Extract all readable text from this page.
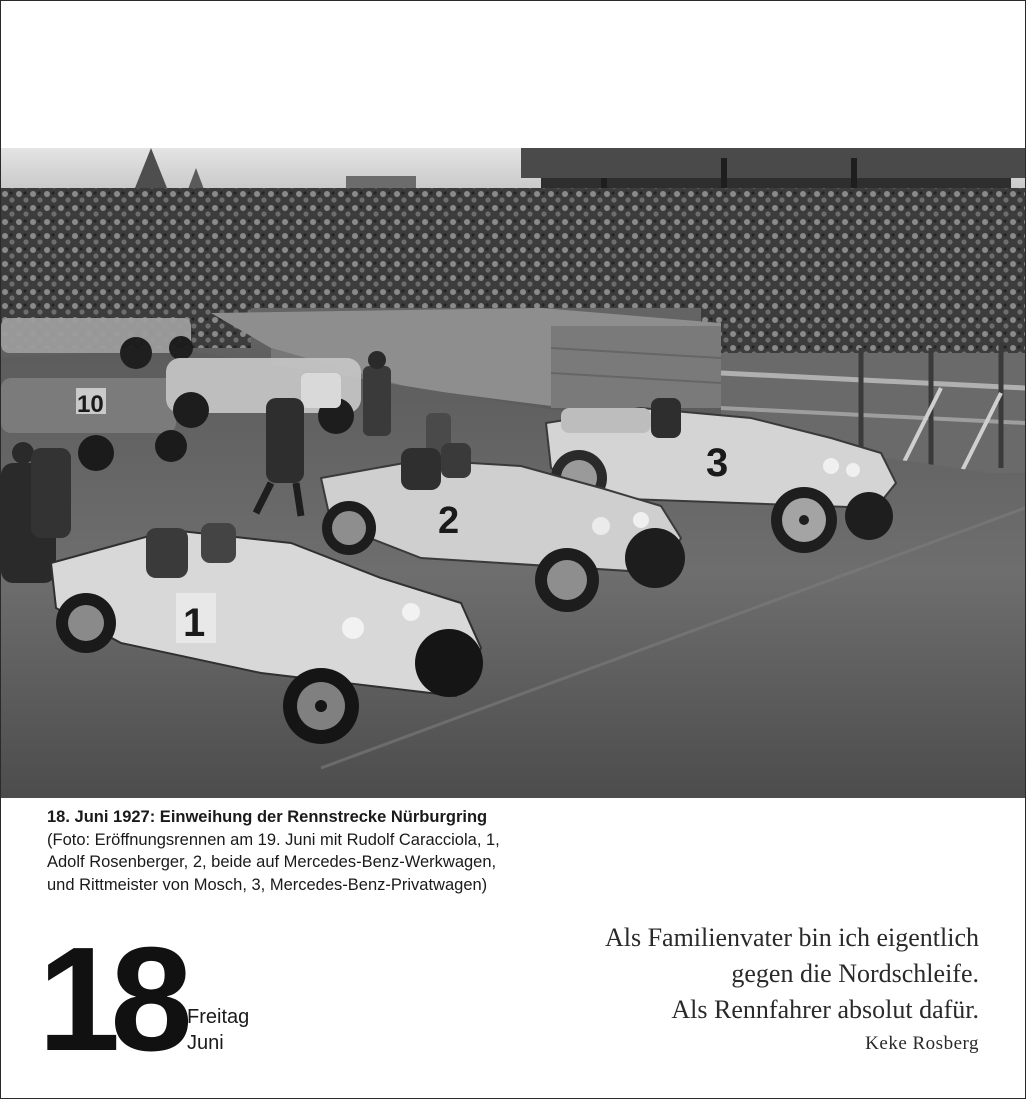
3
2
1
10
18. Juni 1927: Einweihung der Rennstrecke Nürburgring
(Foto: Eröffnungsrennen am 19. Juni mit Rudolf Caracciola, 1,
Adolf Rosenberger, 2, beide auf Mercedes-Benz-Werkwagen,
und Rittmeister von Mosch, 3, Mercedes-Benz-Privatwagen)
18 Freitag
Juni
Als Familienvater bin ich eigentlich
gegen die Nordschleife.
Als Rennfahrer absolut dafür.
Keke Rosberg
